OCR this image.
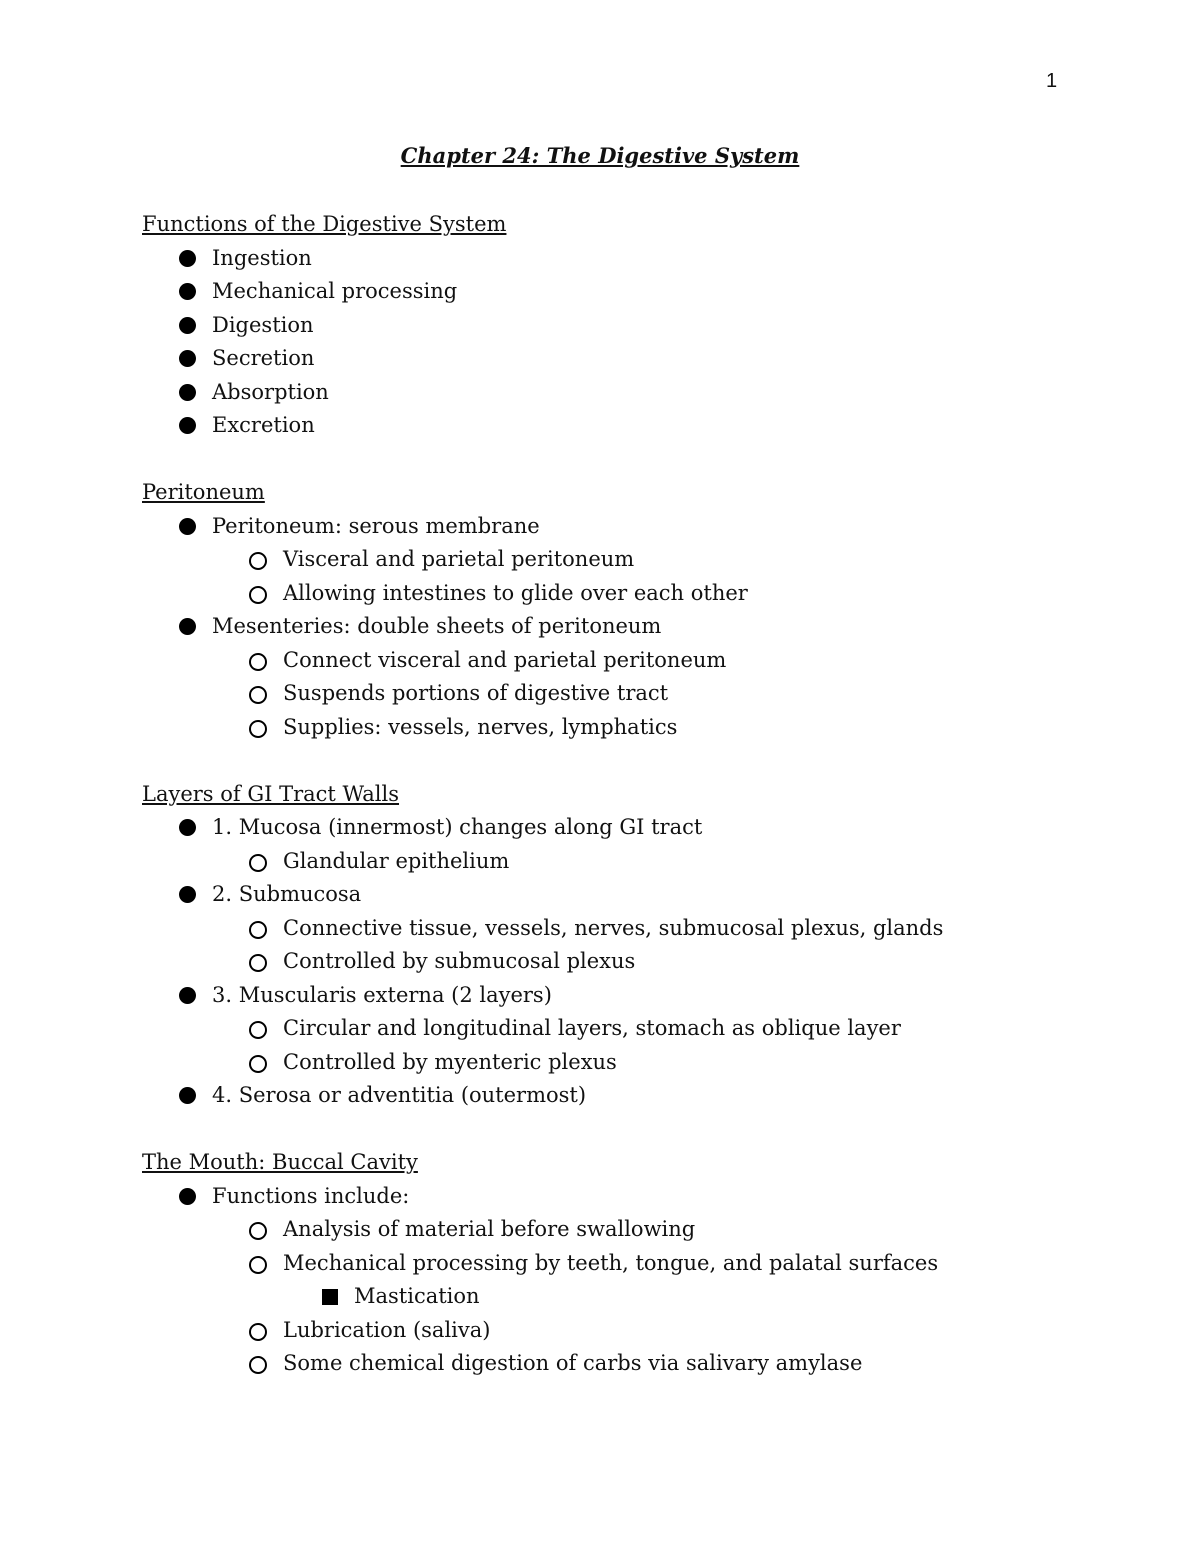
1
Chapter 24: The Digestive System
Functions of the Digestive System
Ingestion
Mechanical processing
Digestion
Secretion
Absorption
Excretion
Peritoneum
Peritoneum: serous membrane
Visceral and parietal peritoneum
Allowing intestines to glide over each other
Mesenteries: double sheets of peritoneum
Connect visceral and parietal peritoneum
Suspends portions of digestive tract
Supplies: vessels, nerves, lymphatics
Layers of GI Tract Walls
1. Mucosa (innermost) changes along GI tract
Glandular epithelium
2. Submucosa
Connective tissue, vessels, nerves, submucosal plexus, glands
Controlled by submucosal plexus
3. Muscularis externa (2 layers)
Circular and longitudinal layers, stomach as oblique layer
Controlled by myenteric plexus
4. Serosa or adventitia (outermost)
The Mouth: Buccal Cavity
Functions include:
Analysis of material before swallowing
Mechanical processing by teeth, tongue, and palatal surfaces
Mastication
Lubrication (saliva)
Some chemical digestion of carbs via salivary amylase
